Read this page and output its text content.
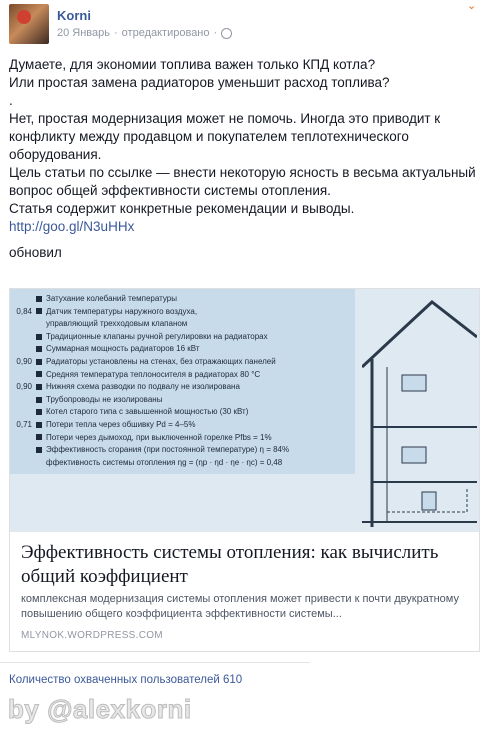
Korni
20 Январь · отредактировано ·
⌄

Думаете, для экономии топлива важен только КПД котла?

Или простая замена радиаторов уменьшит расход топлива?

.

Нет, простая модернизация может не помочь. Иногда это приводит к конфликту между продавцом и покупателем теплотехнического оборудования.

Цель статьи по ссылке — внести некоторую ясность в весьма актуальный вопрос общей эффективности системы отопления.

Статья содержит конкретные рекомендации и выводы.

http://goo.gl/N3uHHx

обновил

Затухание колебаний температуры
0,84 Датчик температуры наружного воздуха,
управляющий трехходовым клапаном
Традиционные клапаны ручной регулировки на радиаторах
Суммарная мощность радиаторов 16 кВт
0,90 Радиаторы установлены на стенах, без отражающих панелей
Средняя температура теплоносителя в радиаторах 80 °С
0,90 Нижняя схема разводки по подвалу не изолирована
Трубопроводы не изолированы
Котел старого типа с завышенной мощностью (30 кВт)
0,71 Потери тепла через обшивку Pd = 4–5%
Потери через дымоход, при выключенной горелке Pfbs = 1%
Эффективность сгорания (при постоянной температуре) η = 84%
ффективность системы отопления ηg = (ηp · ηd · ηe · ηc) = 0,48
Эффективность системы отопления: как вычислить общий коэффициент
комплексная модернизация системы отопления может привести к почти двукратному повышению общего коэффициента эффективности системы...
MLYNOK.WORDPRESS.COM
Количество охваченных пользователей 610
by @alexkorni
